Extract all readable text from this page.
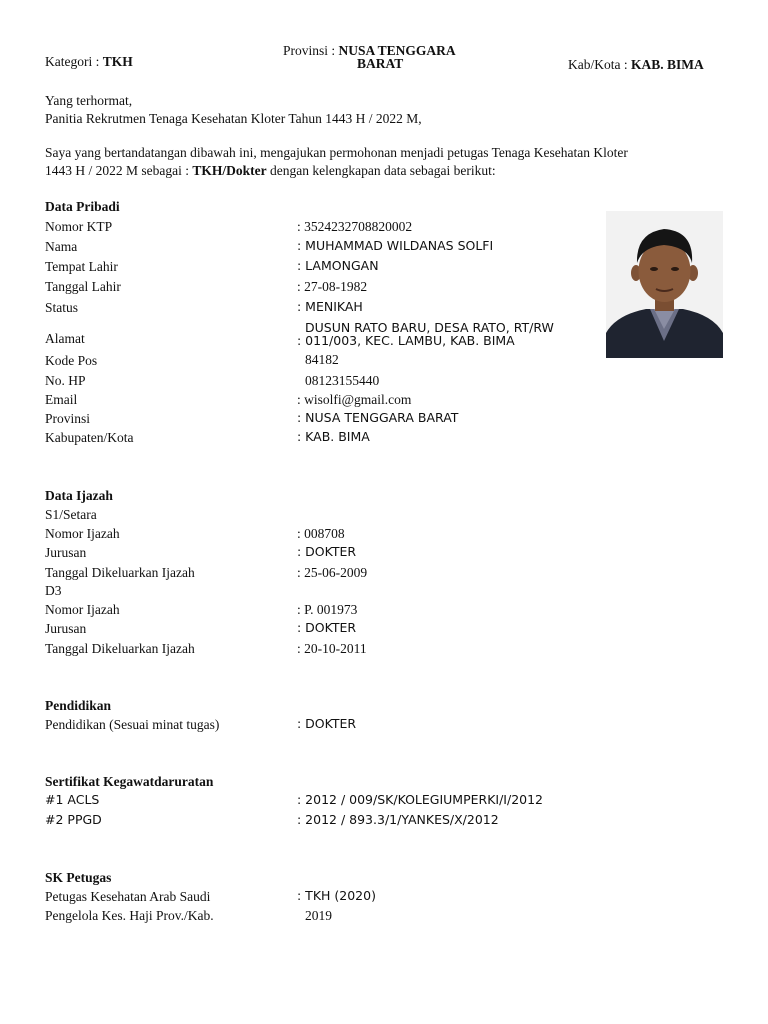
Kategori : TKH
Provinsi : NUSA TENGGARA
BARAT	Kab/Kota : KAB. BIMA
Yang terhormat,
Panitia Rekrutmen Tenaga Kesehatan Kloter Tahun 1443 H / 2022 M,
Saya yang bertandatangan dibawah ini, mengajukan permohonan menjadi petugas Tenaga Kesehatan Kloter
1443 H / 2022 M sebagai : TKH/Dokter dengan kelengkapan data sebagai berikut:
Data Pribadi
Nomor KTP	: 3524232708820002
Nama	: MUHAMMAD WILDANAS SOLFI
Tempat Lahir	: LAMONGAN
Tanggal Lahir	: 27-08-1982
Status	: MENIKAH
Alamat
DUSUN RATO BARU, DESA RATO, RT/RW
: 011/003, KEC. LAMBU, KAB. BIMA
Kode Pos	84182
No. HP	08123155440
Email	: wisolfi@gmail.com
Provinsi	: NUSA TENGGARA BARAT
Kabupaten/Kota	: KAB. BIMA
Data Ijazah
S1/Setara
Nomor Ijazah	: 008708
Jurusan	: DOKTER
Tanggal Dikeluarkan Ijazah	: 25-06-2009
D3
Nomor Ijazah	: P. 001973
Jurusan	: DOKTER
Tanggal Dikeluarkan Ijazah	: 20-10-2011
Pendidikan
Pendidikan (Sesuai minat tugas)	: DOKTER
Sertifikat Kegawatdaruratan
#1 ACLS	: 2012 / 009/SK/KOLEGIUMPERKI/I/2012
#2 PPGD	: 2012 / 893.3/1/YANKES/X/2012
SK Petugas
Petugas Kesehatan Arab Saudi	: TKH (2020)
Pengelola Kes. Haji Prov./Kab.	2019
